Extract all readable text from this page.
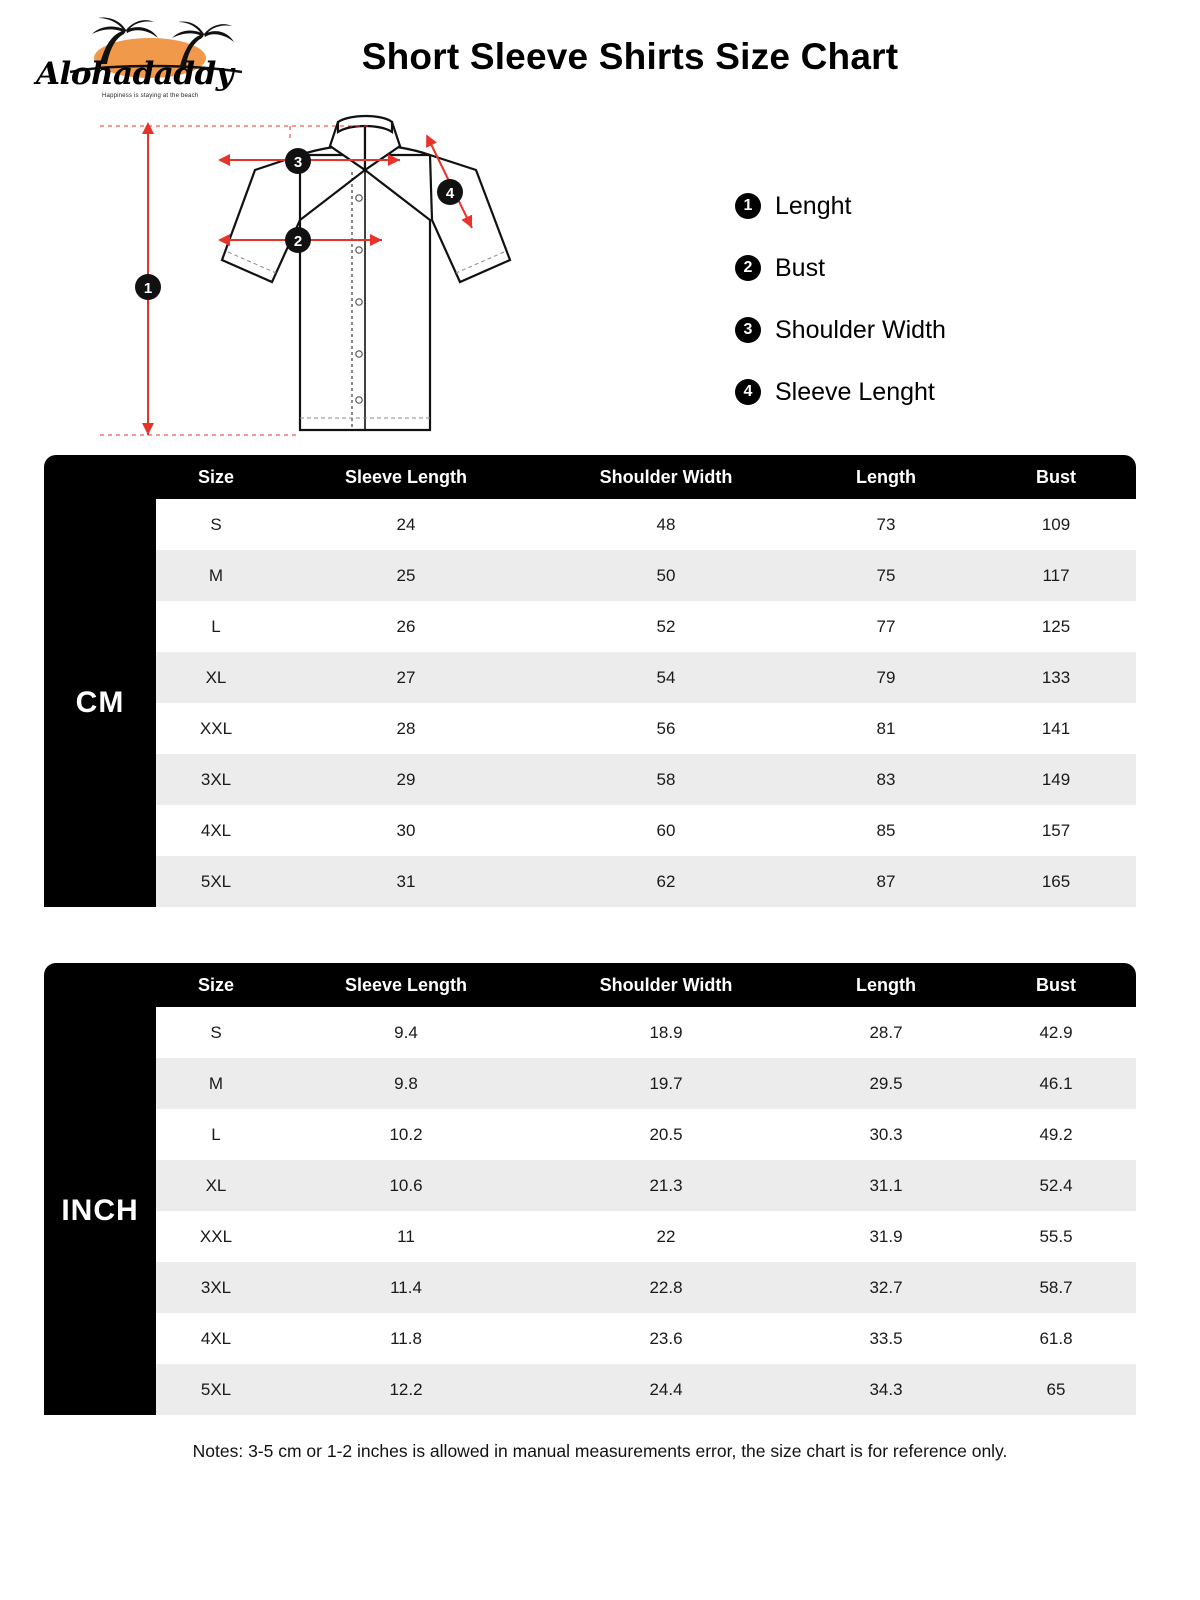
Alohadaddy
Happiness is staying at the beach
Short Sleeve Shirts Size Chart
3
2
1
4
1 Lenght
2 Bust
3 Shoulder Width
4 Sleeve Lenght
	Size	Sleeve Length	Shoulder Width	Length	Bust
CM	S	24	48	73	109
	M	25	50	75	117
	L	26	52	77	125
	XL	27	54	79	133
	XXL	28	56	81	141
	3XL	29	58	83	149
	4XL	30	60	85	157
	5XL	31	62	87	165
	Size	Sleeve Length	Shoulder Width	Length	Bust
INCH	S	9.4	18.9	28.7	42.9
	M	9.8	19.7	29.5	46.1
	L	10.2	20.5	30.3	49.2
	XL	10.6	21.3	31.1	52.4
	XXL	11	22	31.9	55.5
	3XL	11.4	22.8	32.7	58.7
	4XL	11.8	23.6	33.5	61.8
	5XL	12.2	24.4	34.3	65
Notes: 3-5 cm or 1-2 inches is allowed in manual measurements error, the size chart is for reference only.
